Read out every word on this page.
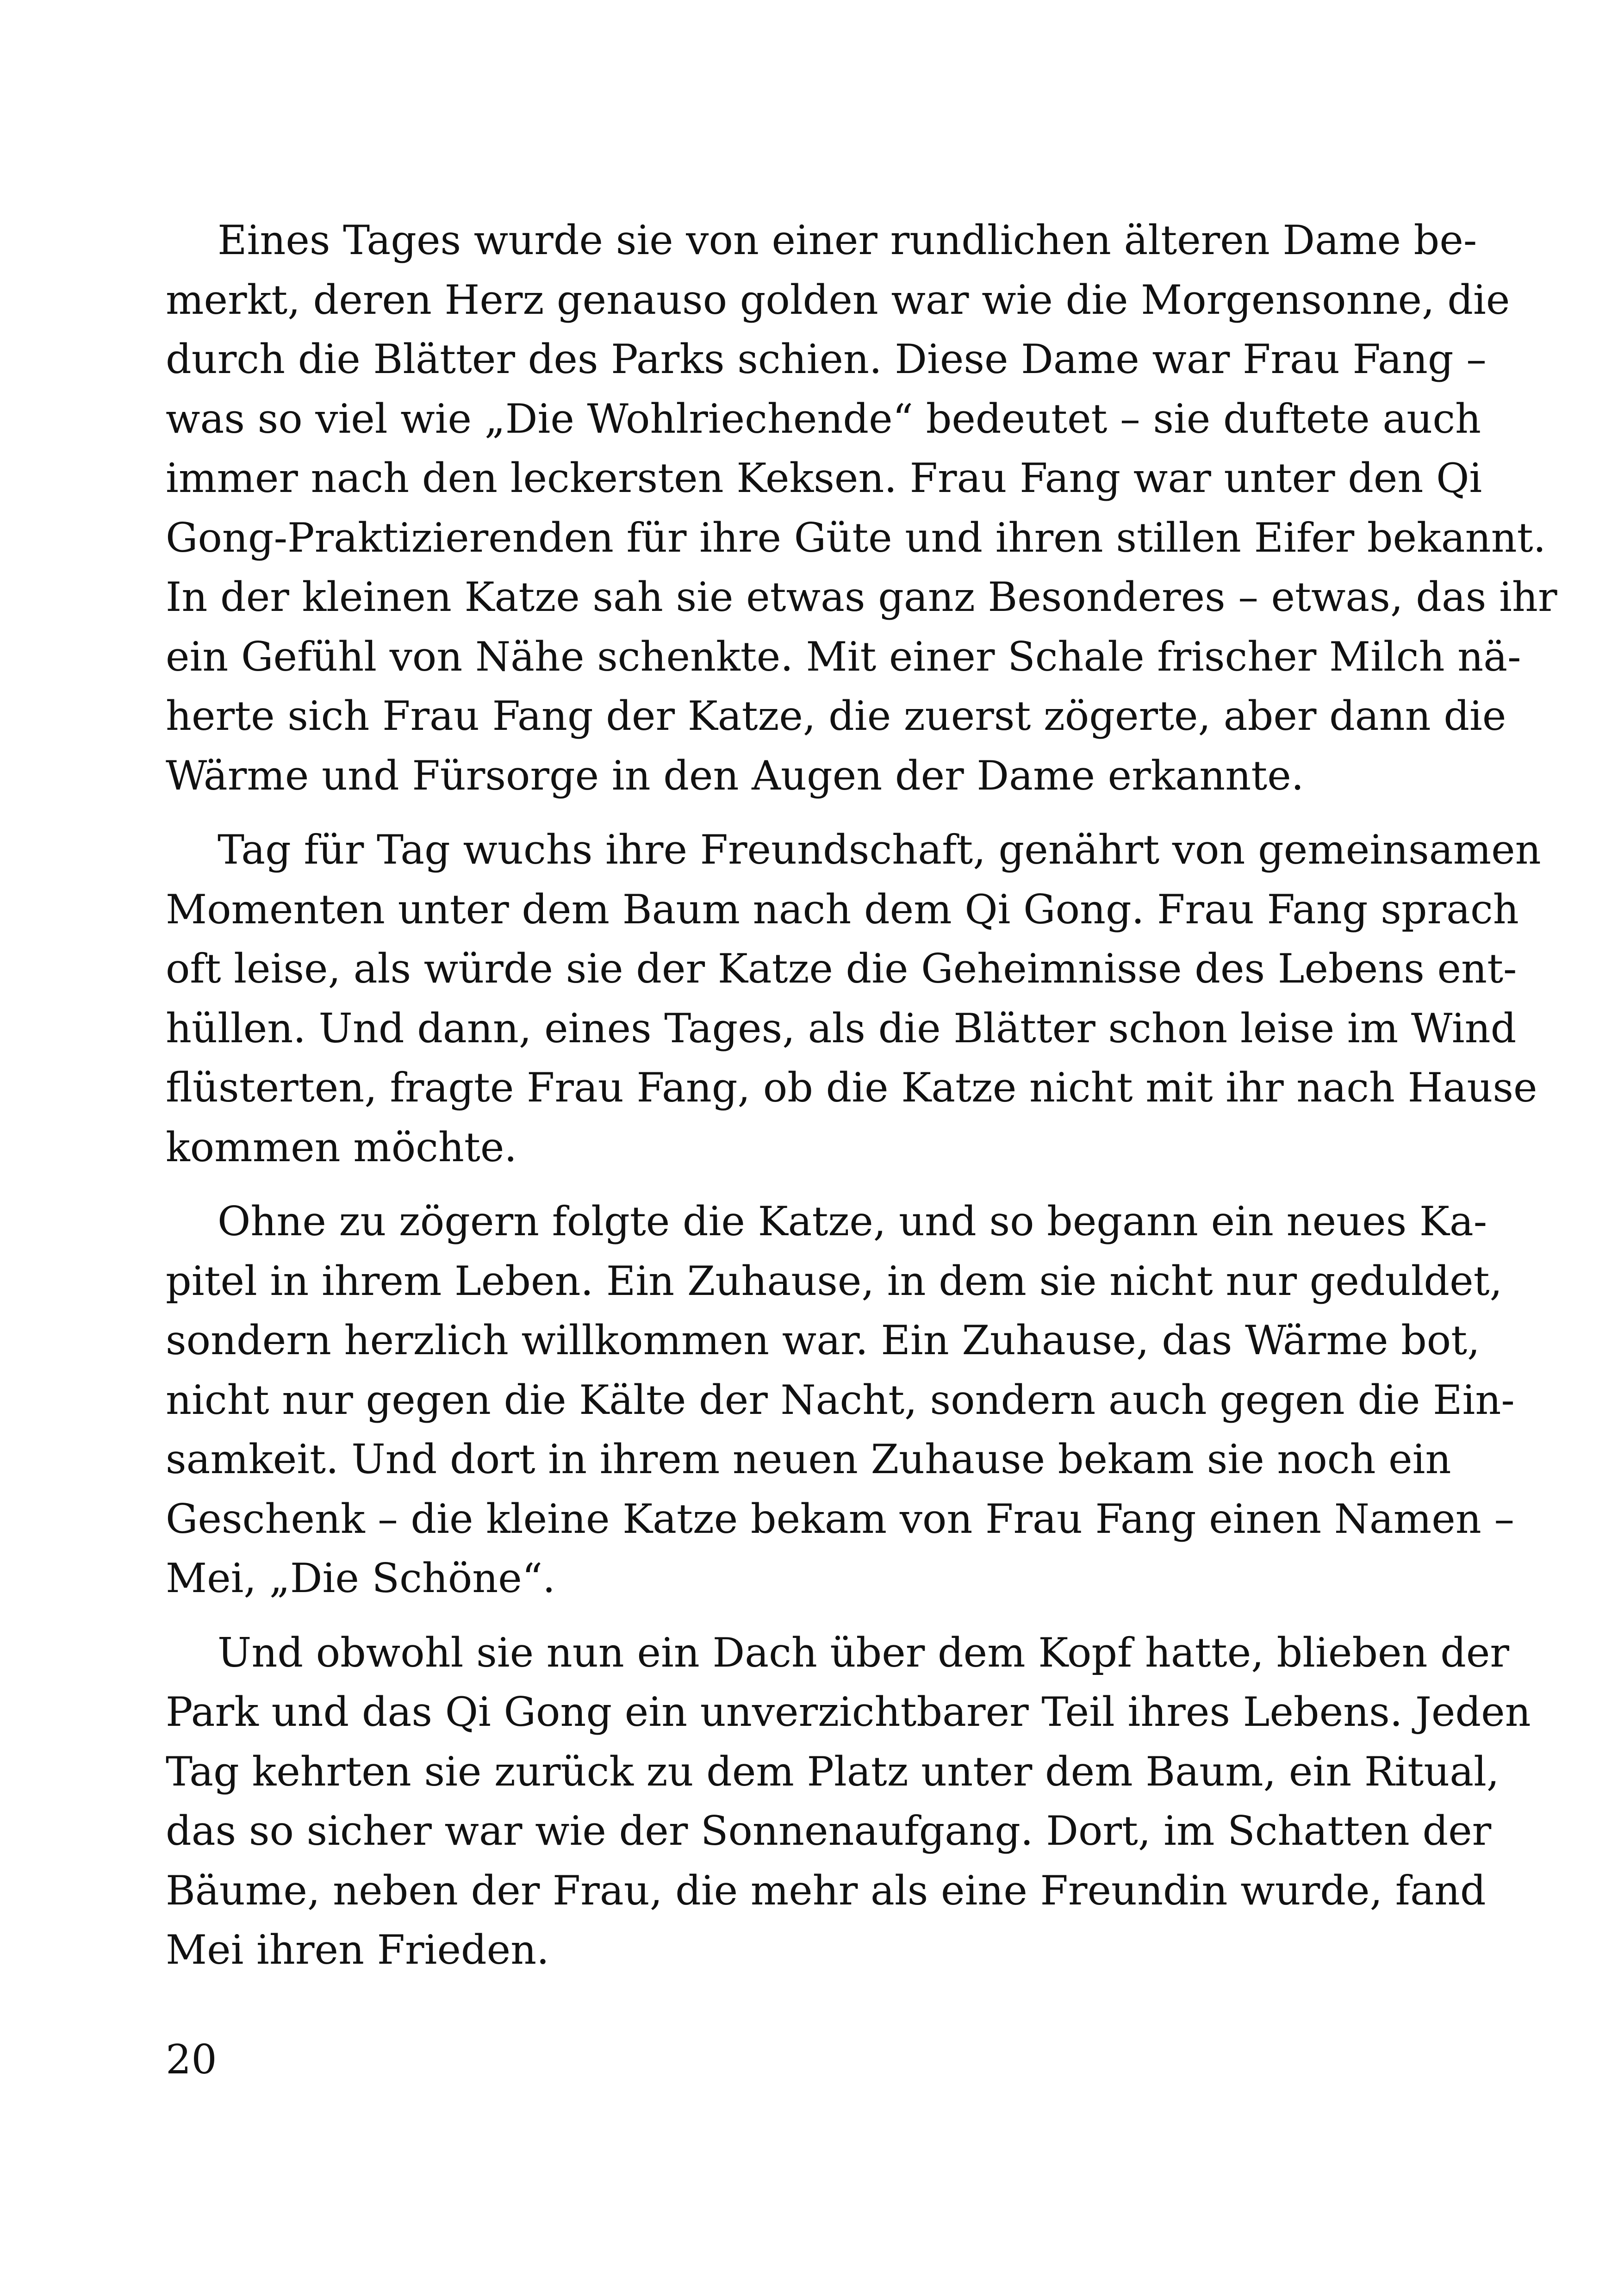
Eines Tages wurde sie von einer rundlichen älteren Dame be-
merkt, deren Herz genauso golden war wie die Morgensonne, die
durch die Blätter des Parks schien. Diese Dame war Frau Fang –
was so viel wie „Die Wohlriechende“ bedeutet – sie duftete auch
immer nach den leckersten Keksen. Frau Fang war unter den Qi
Gong-Praktizierenden für ihre Güte und ihren stillen Eifer bekannt.
In der kleinen Katze sah sie etwas ganz Besonderes – etwas, das ihr
ein Gefühl von Nähe schenkte. Mit einer Schale frischer Milch nä-
herte sich Frau Fang der Katze, die zuerst zögerte, aber dann die
Wärme und Fürsorge in den Augen der Dame erkannte.

Tag für Tag wuchs ihre Freundschaft, genährt von gemeinsamen
Momenten unter dem Baum nach dem Qi Gong. Frau Fang sprach
oft leise, als würde sie der Katze die Geheimnisse des Lebens ent-
hüllen. Und dann, eines Tages, als die Blätter schon leise im Wind
flüsterten, fragte Frau Fang, ob die Katze nicht mit ihr nach Hause
kommen möchte.

Ohne zu zögern folgte die Katze, und so begann ein neues Ka-
pitel in ihrem Leben. Ein Zuhause, in dem sie nicht nur geduldet,
sondern herzlich willkommen war. Ein Zuhause, das Wärme bot,
nicht nur gegen die Kälte der Nacht, sondern auch gegen die Ein-
samkeit. Und dort in ihrem neuen Zuhause bekam sie noch ein
Geschenk – die kleine Katze bekam von Frau Fang einen Namen –
Mei, „Die Schöne“.

Und obwohl sie nun ein Dach über dem Kopf hatte, blieben der
Park und das Qi Gong ein unverzichtbarer Teil ihres Lebens. Jeden
Tag kehrten sie zurück zu dem Platz unter dem Baum, ein Ritual,
das so sicher war wie der Sonnenaufgang. Dort, im Schatten der
Bäume, neben der Frau, die mehr als eine Freundin wurde, fand
Mei ihren Frieden.

20
